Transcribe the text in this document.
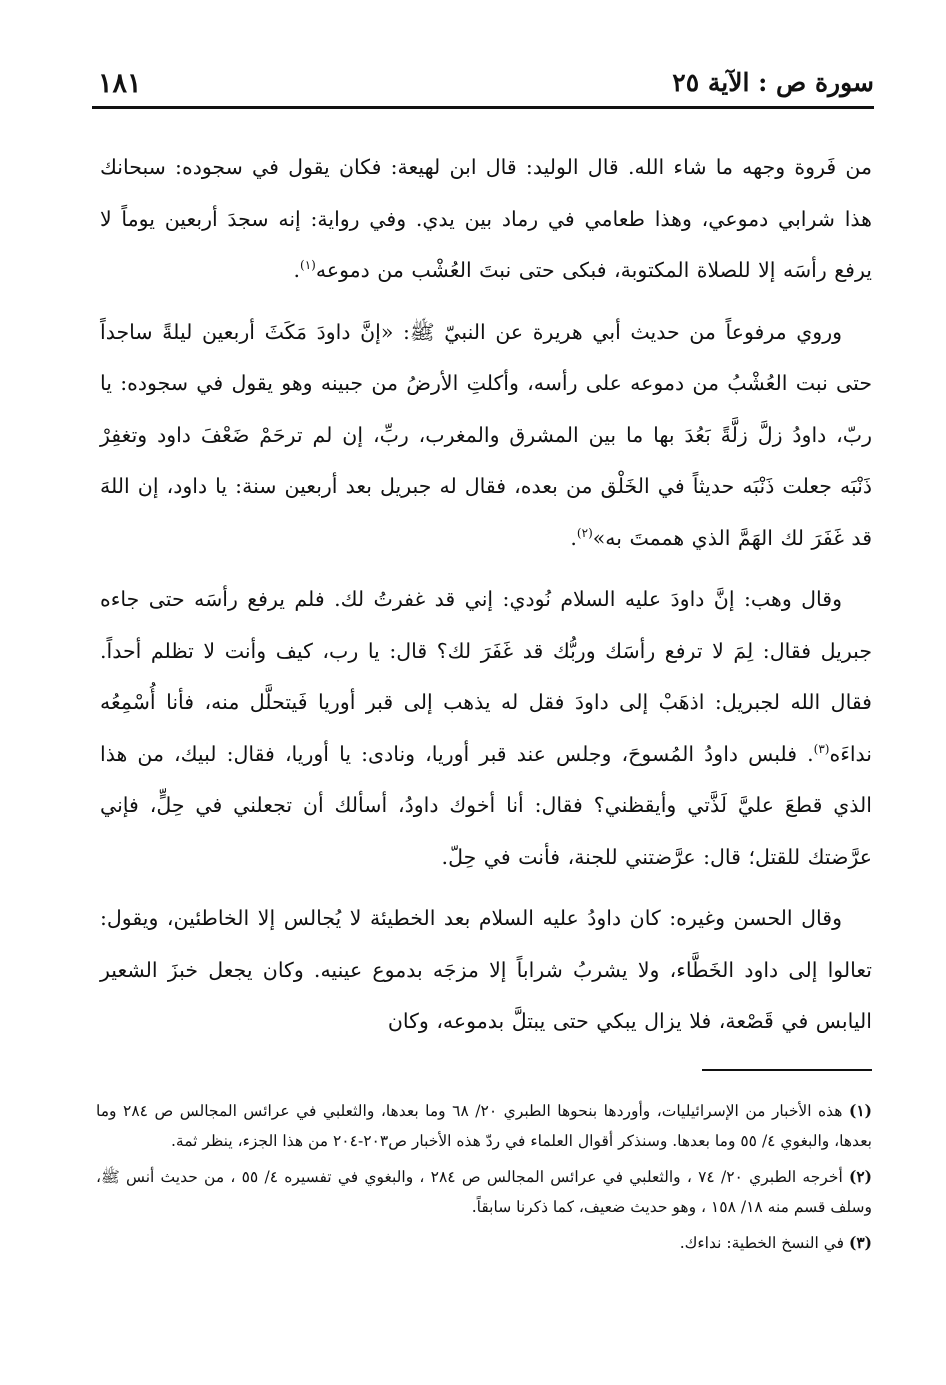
سورة ص : الآية ٢٥
١٨١

من فَروة وجهه ما شاء الله. قال الوليد: قال ابن لهيعة: فكان يقول في سجوده: سبحانك هذا شرابي دموعي، وهذا طعامي في رماد بين يدي. وفي رواية: إنه سجدَ أربعين يوماً لا يرفع رأسَه إلا للصلاة المكتوبة، فبكى حتى نبتَ العُشْب من دموعه$^{(١)}$.

وروي مرفوعاً من حديث أبي هريرة عن النبيّ ﷺ: «إنَّ داودَ مَكَثَ أربعين ليلةً ساجداً حتى نبت العُشْبُ من دموعه على رأسه، وأكلتِ الأرضُ من جبينه وهو يقول في سجوده: يا ربّ، داودُ زلَّ زلَّةً بَعُدَ بها ما بين المشرق والمغرب، ربِّ، إن لم ترحَمْ ضَعْفَ داود وتغفِرْ ذَنْبَه جعلت ذَنْبَه حديثاً في الخَلْق من بعده، فقال له جبريل بعد أربعين سنة: يا داود، إن اللهَ قد غَفَرَ لك الهَمَّ الذي هممتَ به»$^{(٢)}$.

وقال وهب: إنَّ داودَ عليه السلام نُودي: إني قد غفرتُ لك. فلم يرفع رأسَه حتى جاءه جبريل فقال: لِمَ لا ترفع رأسَك وربُّك قد غَفَرَ لك؟ قال: يا رب، كيف وأنت لا تظلم أحداً. فقال الله لجبريل: اذهَبْ إلى داودَ فقل له يذهب إلى قبر أوريا فَيتحلَّل منه، فأنا أُسْمِعُه نداءَه$^{(٣)}$. فلبس داودُ المُسوحَ، وجلس عند قبر أوريا، ونادى: يا أوريا، فقال: لبيك، من هذا الذي قطعَ عليَّ لَذَّتي وأيقظني؟ فقال: أنا أخوك داودُ، أسألك أن تجعلني في حِلٍّ، فإني عرَّضتك للقتل؛ قال: عرَّضتني للجنة، فأنت في حِلّ.

وقال الحسن وغيره: كان داودُ عليه السلام بعد الخطيئة لا يُجالس إلا الخاطئين، ويقول: تعالوا إلى داود الخَطَّاء، ولا يشربُ شراباً إلا مزجَه بدموع عينيه. وكان يجعل خبزَ الشعير اليابس في قَصْعة، فلا يزال يبكي حتى يبتلَّ بدموعه، وكان

(١) هذه الأخبار من الإسرائيليات، وأوردها بنحوها الطبري ٢٠/ ٦٨ وما بعدها، والثعلبي في عرائس المجالس ص ٢٨٤ وما بعدها، والبغوي ٤/ ٥٥ وما بعدها. وسنذكر أقوال العلماء في ردّ هذه الأخبار ص٢٠٣-٢٠٤ من هذا الجزء، ينظر ثمة.

(٢) أخرجه الطبري ٢٠/ ٧٤ ، والثعلبي في عرائس المجالس ص ٢٨٤ ، والبغوي في تفسيره ٤/ ٥٥ ، من حديث أنس ﷺ، وسلف قسم منه ١٨/ ١٥٨ ، وهو حديث ضعيف، كما ذكرنا سابقاً.

(٣) في النسخ الخطية: نداءك.
